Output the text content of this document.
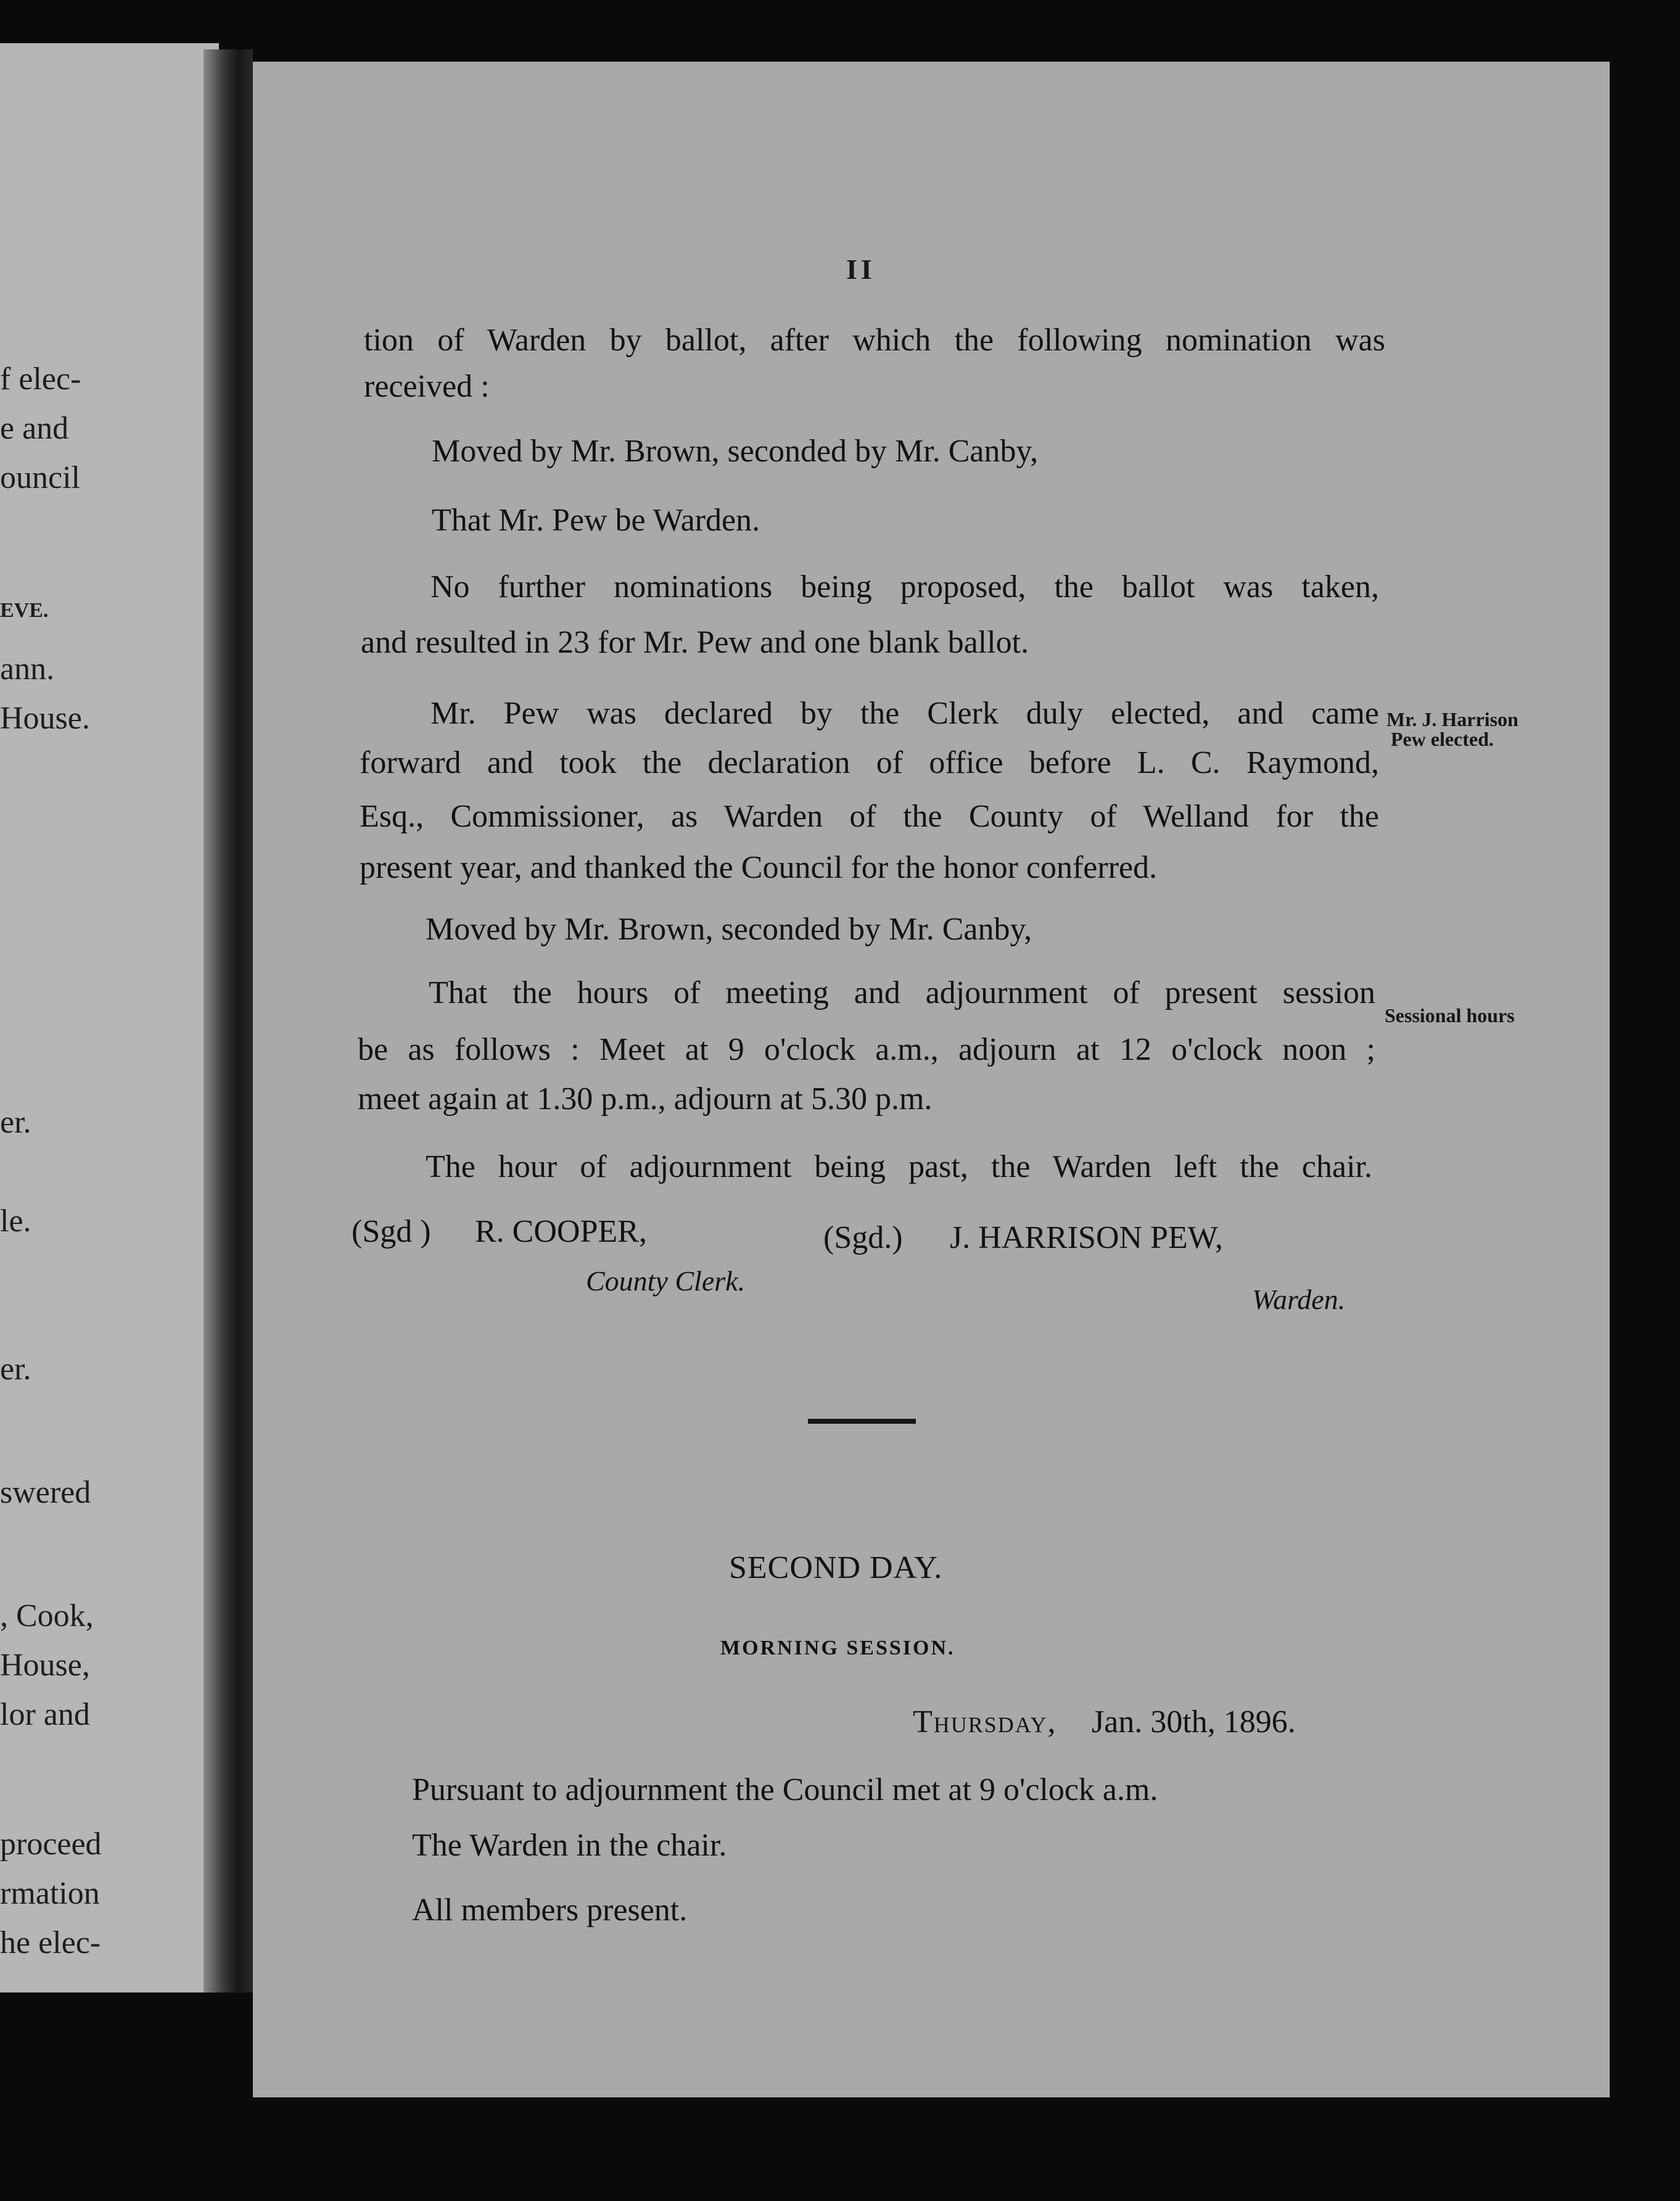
f elec-
e and
ouncil
EVE.
ann.
House.
er.
le.
er.
swered
, Cook,
House,
lor and
proceed
rmation
he elec-
II
tion of Warden by ballot, after which the following nomination was
received :
Moved by Mr. Brown, seconded by Mr. Canby,
That Mr. Pew be Warden.
No further nominations being proposed, the ballot was taken,
and resulted in 23 for Mr. Pew and one blank ballot.
Mr. Pew was declared by the Clerk duly elected, and came
forward and took the declaration of office before L. C. Raymond,
Esq., Commissioner, as Warden of the County of Welland for the
present year, and thanked the Council for the honor conferred.
Moved by Mr. Brown, seconded by Mr. Canby,
That the hours of meeting and adjournment of present session
be as follows : Meet at 9 o'clock a.m., adjourn at 12 o'clock noon ;
meet again at 1.30 p.m., adjourn at 5.30 p.m.
The hour of adjournment being past, the Warden left the chair.
Mr. J. Harrison
Pew elected.
Sessional hours
(Sgd ) R. COOPER,
County Clerk.
(Sgd.) J. HARRISON PEW,
Warden.
SECOND DAY.
MORNING SESSION.
Thursday, Jan. 30th, 1896.
Pursuant to adjournment the Council met at 9 o'clock a.m.
The Warden in the chair.
All members present.
